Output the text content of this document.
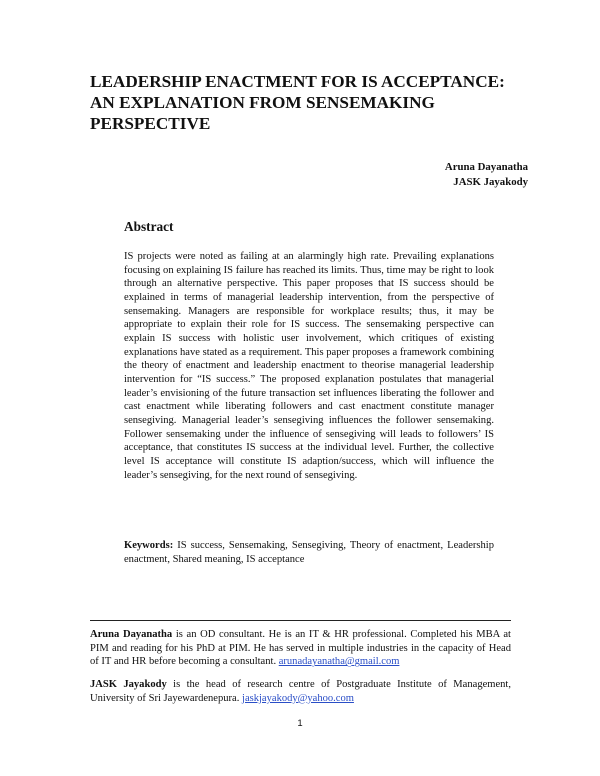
LEADERSHIP ENACTMENT FOR IS ACCEPTANCE: AN EXPLANATION FROM SENSEMAKING PERSPECTIVE
Aruna Dayanatha
JASK Jayakody
Abstract

IS projects were noted as failing at an alarmingly high rate. Prevailing explanations focusing on explaining IS failure has reached its limits. Thus, time may be right to look through an alternative perspective. This paper proposes that IS success should be explained in terms of managerial leadership intervention, from the perspective of sensemaking. Managers are responsible for workplace results; thus, it may be appropriate to explain their role for IS success. The sensemaking perspective can explain IS success with holistic user involvement, which critiques of existing explanations have stated as a requirement. This paper proposes a framework combining the theory of enactment and leadership enactment to theorise managerial leadership intervention for “IS success.” The proposed explanation postulates that managerial leader’s envisioning of the future transaction set influences liberating the follower and cast enactment while liberating followers and cast enactment constitute manager sensegiving. Managerial leader’s sensegiving influences the follower sensemaking. Follower sensemaking under the influence of sensegiving will leads to followers’ IS acceptance, that constitutes IS success at the individual level. Further, the collective level IS acceptance will constitute IS adaption/success, which will influence the leader’s sensegiving, for the next round of sensegiving.

Keywords: IS success, Sensemaking, Sensegiving, Theory of enactment, Leadership enactment, Shared meaning, IS acceptance

Aruna Dayanatha is an OD consultant. He is an IT & HR professional. Completed his MBA at PIM and reading for his PhD at PIM. He has served in multiple industries in the capacity of Head of IT and HR before becoming a consultant. arunadayanatha@gmail.com

JASK Jayakody is the head of research centre of Postgraduate Institute of Management, University of Sri Jayewardenepura. jaskjayakody@yahoo.com

1
